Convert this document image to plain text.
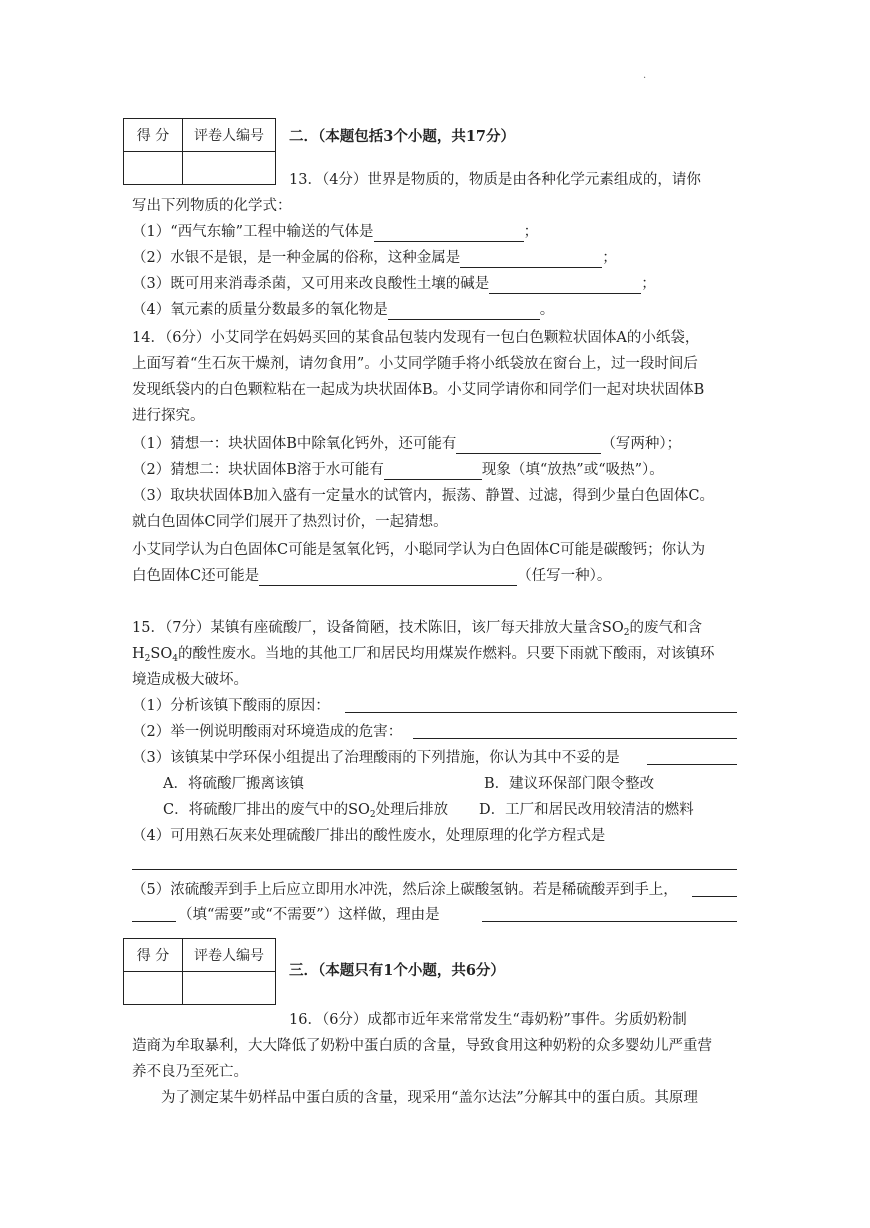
.
得 分	评卷人编号
	二．（本题包括3个小题，共17分）
13．（4分）世界是物质的，物质是由各种化学元素组成的，请你
写出下列物质的化学式：
（1）“西气东输”工程中输送的气体是	；
（2）水银不是银，是一种金属的俗称，这种金属是	；
（3）既可用来消毒杀菌，又可用来改良酸性土壤的碱是	；
（4）氧元素的质量分数最多的氧化物是	。
14．（6分）小艾同学在妈妈买回的某食品包装内发现有一包白色颗粒状固体A的小纸袋，
上面写着“生石灰干燥剂，请勿食用”。小艾同学随手将小纸袋放在窗台上，过一段时间后
发现纸袋内的白色颗粒粘在一起成为块状固体B。小艾同学请你和同学们一起对块状固体B
进行探究。
（1）猜想一：块状固体B中除氧化钙外，还可能有	（写两种）；
（2）猜想二：块状固体B溶于水可能有	现象（填“放热”或“吸热”）。
（3）取块状固体B加入盛有一定量水的试管内，振荡、静置、过滤，得到少量白色固体C。
就白色固体C同学们展开了热烈讨价，一起猜想。
小艾同学认为白色固体C可能是氢氧化钙，小聪同学认为白色固体C可能是碳酸钙；你认为
白色固体C还可能是	（任写一种）。
15．（7分）某镇有座硫酸厂，设备简陋，技术陈旧，该厂每天排放大量含$SO_2$的废气和含
$H_2SO_4$的酸性废水。当地的其他工厂和居民均用煤炭作燃料。只要下雨就下酸雨，对该镇环
境造成极大破坏。
（1）分析该镇下酸雨的原因：
（2）举一例说明酸雨对环境造成的危害：
（3）该镇某中学环保小组提出了治理酸雨的下列措施，你认为其中不妥的是
A．将硫酸厂搬离该镇	B．建议环保部门限令整改
C．将硫酸厂排出的废气中的$SO_2$处理后排放 D．工厂和居民改用较清洁的燃料
（4）可用熟石灰来处理硫酸厂排出的酸性废水，处理原理的化学方程式是
（5）浓硫酸弄到手上后应立即用水冲洗，然后涂上碳酸氢钠。若是稀硫酸弄到手上，
（填“需要”或“不需要”）这样做，理由是
得 分	评卷人编号

三．（本题只有1个小题，共6分）
16．（6分）成都市近年来常常发生“毒奶粉”事件。劣质奶粉制
造商为牟取暴利，大大降低了奶粉中蛋白质的含量，导致食用这种奶粉的众多婴幼儿严重营
养不良乃至死亡。
为了测定某牛奶样品中蛋白质的含量，现采用“盖尔达法”分解其中的蛋白质。其原理
